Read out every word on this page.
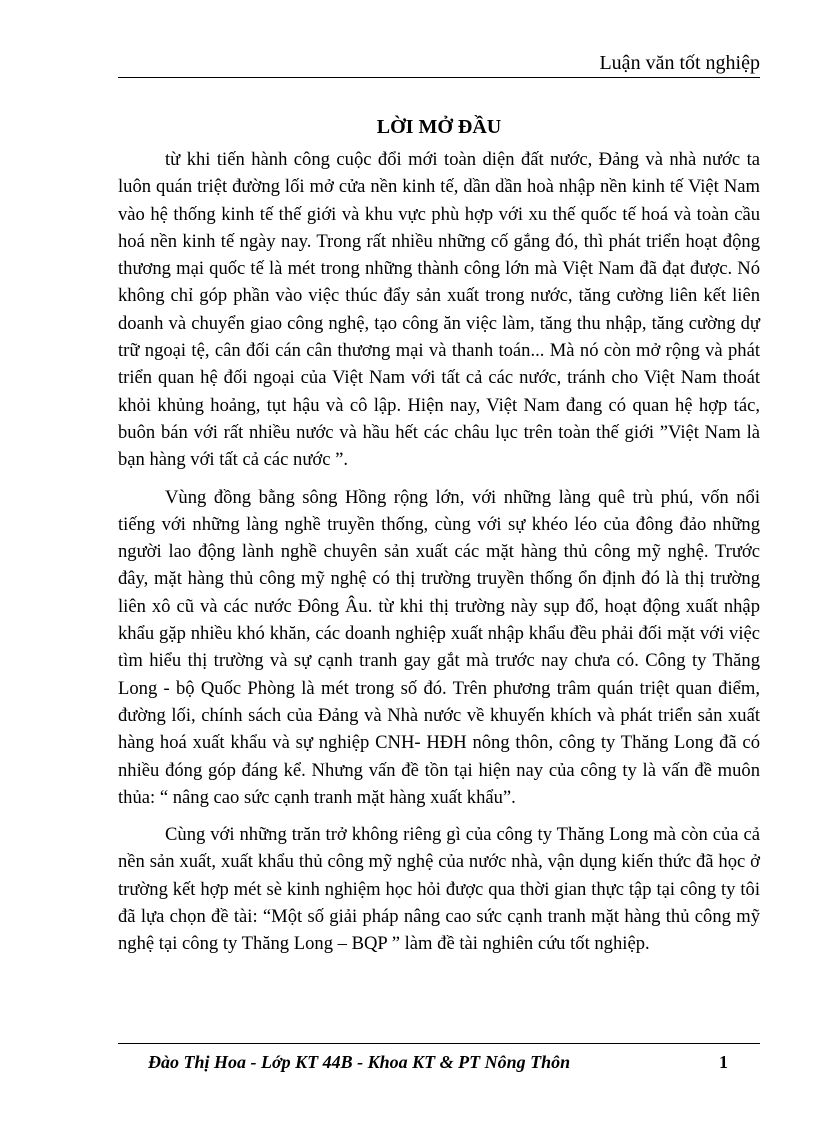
Luận văn tốt nghiệp
LỜI MỞ ĐẦU

từ khi tiến hành công cuộc đổi mới toàn diện đất nước, Đảng và nhà nước ta luôn quán triệt đường lối mở cửa nền kinh tế, dần dần hoà nhập nền kinh tế Việt Nam vào hệ thống kinh tế thế giới và khu vực phù hợp với xu thế quốc tế hoá và toàn cầu hoá nền kinh tế ngày nay. Trong rất nhiều những cố gắng đó, thì phát triển hoạt động thương mại quốc tế là mét trong những thành công lớn mà Việt Nam đã đạt được. Nó không chỉ góp phần vào việc thúc đẩy sản xuất trong nước, tăng cường liên kết liên doanh và chuyển giao công nghệ, tạo công ăn việc làm, tăng thu nhập, tăng cường dự trữ ngoại tệ, cân đối cán cân thương mại và thanh toán... Mà nó còn mở rộng và phát triển quan hệ đối ngoại của Việt Nam với tất cả các nước, tránh cho Việt Nam thoát khỏi khủng hoảng, tụt hậu và cô lập. Hiện nay, Việt Nam đang có quan hệ hợp tác, buôn bán với rất nhiều nước và hầu hết các châu lục trên toàn thế giới ”Việt Nam là bạn hàng với tất cả các nước ”.

Vùng đồng bằng sông Hồng rộng lớn, với những làng quê trù phú, vốn nổi tiếng với những làng nghề truyền thống, cùng với sự khéo léo của đông đảo những người lao động lành nghề chuyên sản xuất các mặt hàng thủ công mỹ nghệ. Trước đây, mặt hàng thủ công mỹ nghệ có thị trường truyền thống ổn định đó là thị trường liên xô cũ và các nước Đông Âu. từ khi thị trường này sụp đổ, hoạt động xuất nhập khẩu gặp nhiều khó khăn, các doanh nghiệp xuất nhập khẩu đều phải đối mặt với việc tìm hiểu thị trường và sự cạnh tranh gay gắt mà trước nay chưa có. Công ty Thăng Long - bộ Quốc Phòng là mét trong số đó. Trên phương trâm quán triệt quan điểm, đường lối, chính sách của Đảng và Nhà nước về khuyến khích và phát triển sản xuất hàng hoá xuất khẩu và sự nghiệp CNH- HĐH nông thôn, công ty Thăng Long đã có nhiều đóng góp đáng kể. Nhưng vấn đề tồn tại hiện nay của công ty là vấn đề muôn thủa: “ nâng cao sức cạnh tranh mặt hàng xuất khẩu”.

Cùng với những trăn trở không riêng gì của công ty Thăng Long mà còn của cả nền sản xuất, xuất khẩu thủ công mỹ nghệ của nước nhà, vận dụng kiến thức đã học ở trường kết hợp mét sè kinh nghiệm học hỏi được qua thời gian thực tập tại công ty tôi đã lựa chọn đề tài: “Một số giải pháp nâng cao sức cạnh tranh mặt hàng thủ công mỹ nghệ tại công ty Thăng Long – BQP ” làm đề tài nghiên cứu tốt nghiệp.

Đào Thị Hoa - Lớp KT 44B - Khoa KT & PT Nông Thôn	1
